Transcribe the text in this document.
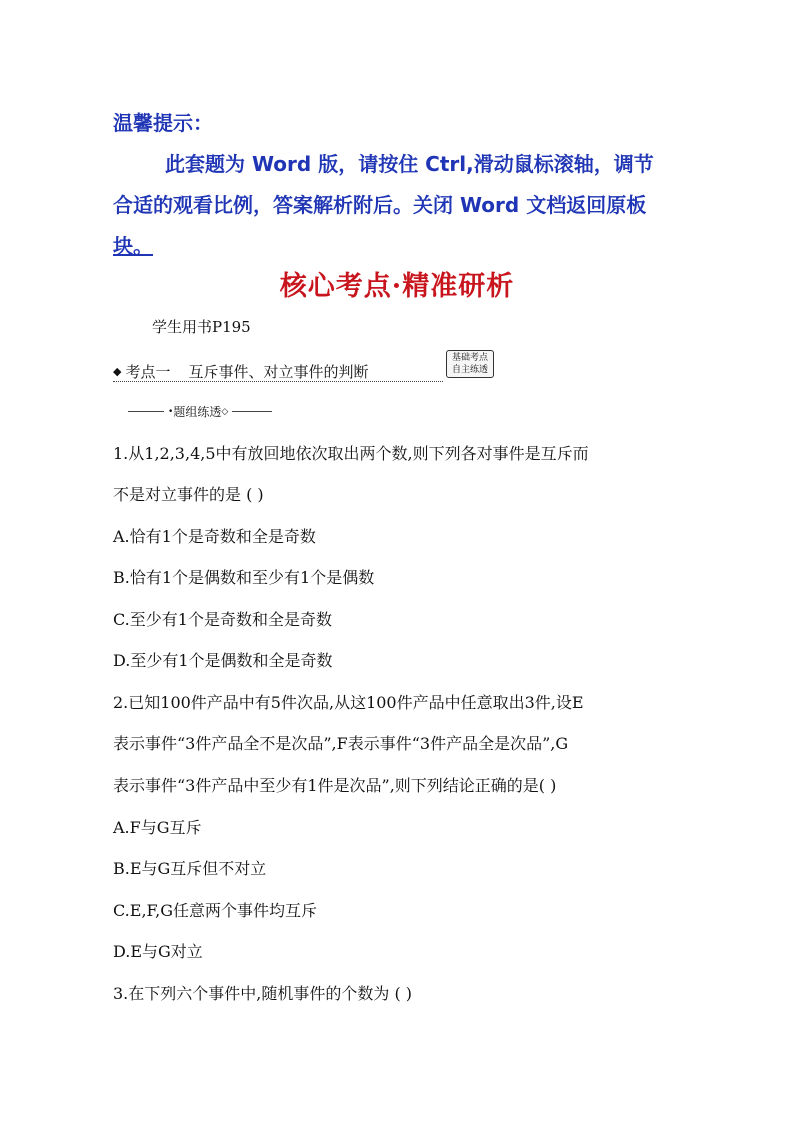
温馨提示：
此套题为 Word 版，请按住 Ctrl,滑动鼠标滚轴，调节
合适的观看比例，答案解析附后。关闭 Word 文档返回原板
块。
核心考点·精准研析
学生用书P195
◆ 考点一 互斥事件、对立事件的判断
基础考点
自主练透
• 题组练透 ◇
1.从1,2,3,4,5中有放回地依次取出两个数,则下列各对事件是互斥而
不是对立事件的是 ( )
A.恰有1个是奇数和全是奇数
B.恰有1个是偶数和至少有1个是偶数
C.至少有1个是奇数和全是奇数
D.至少有1个是偶数和全是奇数
2.已知100件产品中有5件次品,从这100件产品中任意取出3件,设E
表示事件“3件产品全不是次品”,F表示事件“3件产品全是次品”,G
表示事件“3件产品中至少有1件是次品”,则下列结论正确的是( )
A.F与G互斥
B.E与G互斥但不对立
C.E,F,G任意两个事件均互斥
D.E与G对立
3.在下列六个事件中,随机事件的个数为 ( )
